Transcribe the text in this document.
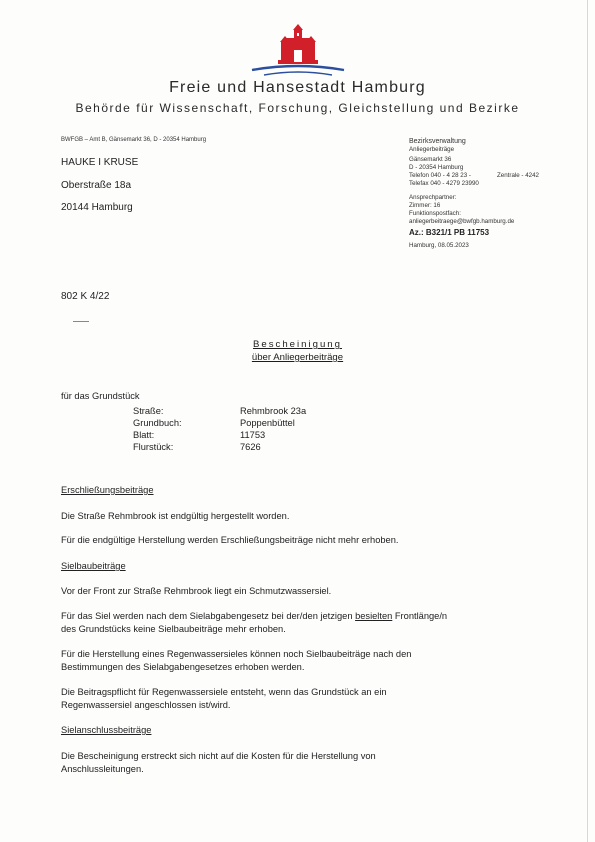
Freie und Hansestadt Hamburg
Behörde für Wissenschaft, Forschung, Gleichstellung und Bezirke
BWFGB – Amt B, Gänsemarkt 36, D - 20354 Hamburg
HAUKE I KRUSE
Oberstraße 18a
20144 Hamburg
Bezirksverwaltung
Anliegerbeiträge
Gänsemarkt 36
D - 20354 Hamburg
Telefon 040 - 4 28 23 -	Zentrale - 4242
Telefax 040 - 4279 23990
Ansprechpartner:
Zimmer: 16
Funktionspostfach:
anliegerbeitraege@bwfgb.hamburg.de
Az.: B321/1 PB 11753
Hamburg, 08.05.2023
802 K 4/22
Bescheinigung
über Anliegerbeiträge
für das Grundstück
Straße:	Rehmbrook 23a
Grundbuch:	Poppenbüttel
Blatt:	11753
Flurstück:	7626
Erschließungsbeiträge
Die Straße Rehmbrook ist endgültig hergestellt worden.
Für die endgültige Herstellung werden Erschließungsbeiträge nicht mehr erhoben.
Sielbaubeiträge
Vor der Front zur Straße Rehmbrook liegt ein Schmutzwassersiel.
Für das Siel werden nach dem Sielabgabengesetz bei der/den jetzigen besielten Frontlänge/n
des Grundstücks keine Sielbaubeiträge mehr erhoben.
Für die Herstellung eines Regenwassersieles können noch Sielbaubeiträge nach den
Bestimmungen des Sielabgabengesetzes erhoben werden.
Die Beitragspflicht für Regenwassersiele entsteht, wenn das Grundstück an ein
Regenwassersiel angeschlossen ist/wird.
Sielanschlussbeiträge
Die Bescheinigung erstreckt sich nicht auf die Kosten für die Herstellung von
Anschlussleitungen.
